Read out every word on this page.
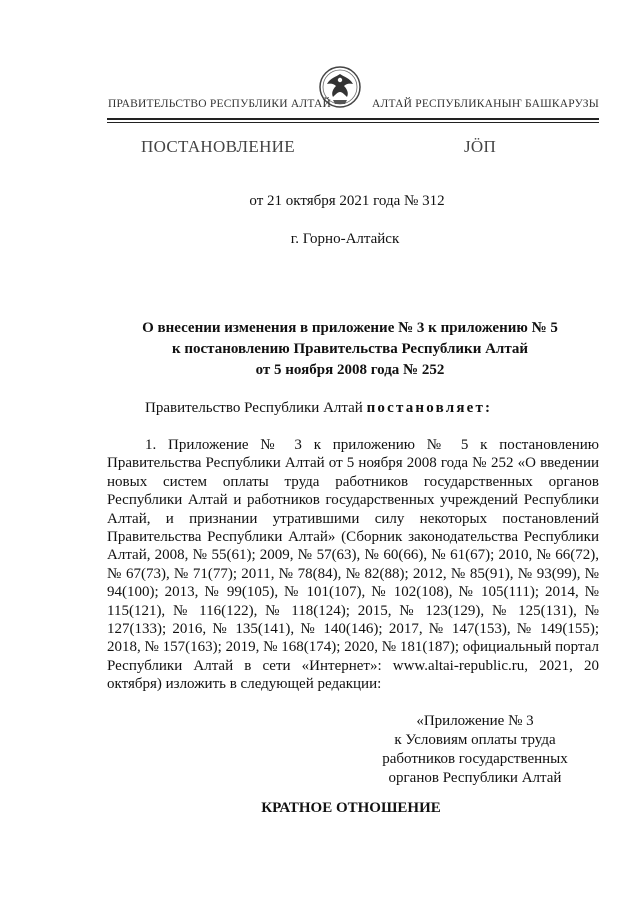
ПРАВИТЕЛЬСТВО РЕСПУБЛИКИ АЛТАЙ	АЛТАЙ РЕСПУБЛИКАНЫҤ БАШКАРУЗЫ
ПОСТАНОВЛЕНИЕ	ЈӦП
от 21 октября 2021 года № 312
г. Горно-Алтайск
О внесении изменения в приложение № 3 к приложению № 5
к постановлению Правительства Республики Алтай
от 5 ноября 2008 года № 252
Правительство Республики Алтай постановляет:

1. Приложение № 3 к приложению № 5 к постановлению Правительства Республики Алтай от 5 ноября 2008 года № 252 «О введении новых систем оплаты труда работников государственных органов Республики Алтай и работников государственных учреждений Республики Алтай, и признании утратившими силу некоторых постановлений Правительства Республики Алтай» (Сборник законодательства Республики Алтай, 2008, № 55(61); 2009, № 57(63), № 60(66), № 61(67); 2010, № 66(72), № 67(73), № 71(77); 2011, № 78(84), № 82(88); 2012, № 85(91), № 93(99), № 94(100); 2013, № 99(105), № 101(107), № 102(108), № 105(111); 2014, № 115(121), № 116(122), № 118(124); 2015, № 123(129), № 125(131), № 127(133); 2016, № 135(141), № 140(146); 2017, № 147(153), № 149(155); 2018, № 157(163); 2019, № 168(174); 2020, № 181(187); официальный портал Республики Алтай в сети «Интернет»: www.altai-republic.ru, 2021, 20 октября) изложить в следующей редакции:

«Приложение № 3
к Условиям оплаты труда
работников государственных
органов Республики Алтай
КРАТНОЕ ОТНОШЕНИЕ
